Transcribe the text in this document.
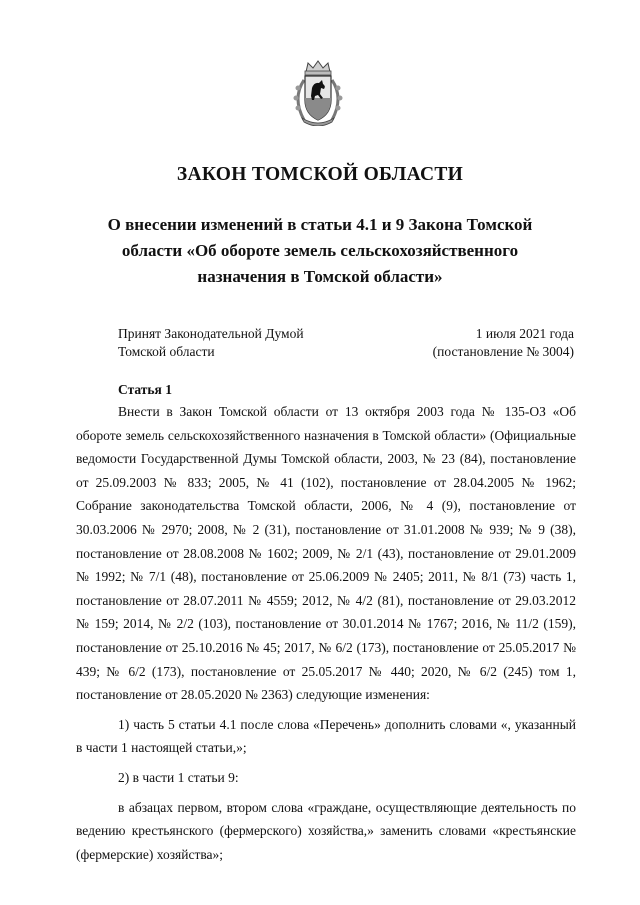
ЗАКОН ТОМСКОЙ ОБЛАСТИ
О внесении изменений в статьи 4.1 и 9 Закона Томской области «Об обороте земель сельскохозяйственного назначения в Томской области»
Принят Законодательной Думой
Томской области
1 июля 2021 года
(постановление № 3004)
Статья 1

Внести в Закон Томской области от 13 октября 2003 года № 135-ОЗ «Об обороте земель сельскохозяйственного назначения в Томской области» (Официальные ведомости Государственной Думы Томской области, 2003, № 23 (84), постановление от 25.09.2003 № 833; 2005, № 41 (102), постановление от 28.04.2005 № 1962; Собрание законодательства Томской области, 2006, № 4 (9), постановление от 30.03.2006 № 2970; 2008, № 2 (31), постановление от 31.01.2008 № 939; № 9 (38), постановление от 28.08.2008 № 1602; 2009, № 2/1 (43), постановление от 29.01.2009 № 1992; № 7/1 (48), постановление от 25.06.2009 № 2405; 2011, № 8/1 (73) часть 1, постановление от 28.07.2011 № 4559; 2012, № 4/2 (81), постановление от 29.03.2012 № 159; 2014, № 2/2 (103), постановление от 30.01.2014 № 1767; 2016, № 11/2 (159), постановление от 25.10.2016 № 45; 2017, № 6/2 (173), постановление от 25.05.2017 № 439; № 6/2 (173), постановление от 25.05.2017 № 440; 2020, № 6/2 (245) том 1, постановление от 28.05.2020 № 2363) следующие изменения:

1) часть 5 статьи 4.1 после слова «Перечень» дополнить словами «, указанный в части 1 настоящей статьи,»;

2) в части 1 статьи 9:

в абзацах первом, втором слова «граждане, осуществляющие деятельность по ведению крестьянского (фермерского) хозяйства,» заменить словами «крестьянские (фермерские) хозяйства»;
